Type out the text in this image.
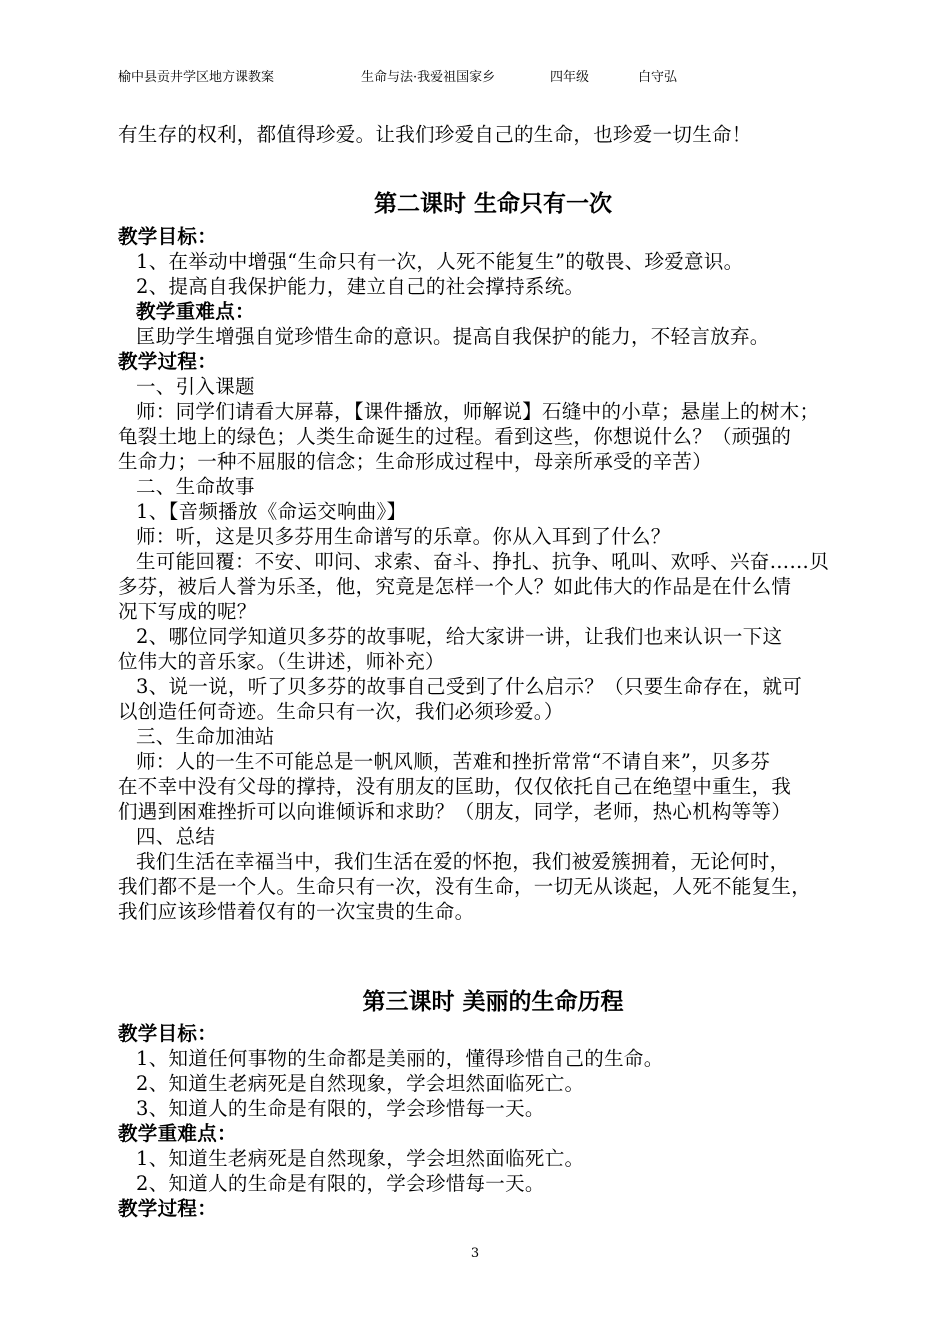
榆中县贡井学区地方课教案

	生命与法·我爱祖国家乡

	四年级

	白守弘

有生存的权利，都值得珍爱。让我们珍爱自己的生命，也珍爱一切生命！
第二课时 生命只有一次
教学目标：
1、在举动中增强“生命只有一次，人死不能复生”的敬畏、珍爱意识。
2、提高自我保护能力，建立自己的社会撑持系统。
教学重难点：
匡助学生增强自觉珍惜生命的意识。提高自我保护的能力，不轻言放弃。
教学过程：
一、引入课题
师：同学们请看大屏幕，【课件播放，师解说】石缝中的小草；悬崖上的树木；
龟裂土地上的绿色；人类生命诞生的过程。看到这些，你想说什么？（顽强的
生命力；一种不屈服的信念；生命形成过程中，母亲所承受的辛苦）
二、生命故事
1、【音频播放《命运交响曲》】
师：听，这是贝多芬用生命谱写的乐章。你从入耳到了什么？
生可能回覆：不安、叩问、求索、奋斗、挣扎、抗争、吼叫、欢呼、兴奋……贝
多芬，被后人誉为乐圣，他，究竟是怎样一个人？如此伟大的作品是在什么情
况下写成的呢？
2、哪位同学知道贝多芬的故事呢，给大家讲一讲，让我们也来认识一下这
位伟大的音乐家。（生讲述，师补充）
3、说一说，听了贝多芬的故事自己受到了什么启示？（只要生命存在，就可
以创造任何奇迹。生命只有一次，我们必须珍爱。）
三、生命加油站
师：人的一生不可能总是一帆风顺，苦难和挫折常常“不请自来”，贝多芬
在不幸中没有父母的撑持，没有朋友的匡助，仅仅依托自己在绝望中重生，我
们遇到困难挫折可以向谁倾诉和求助？（朋友，同学，老师，热心机构等等）
四、总结
我们生活在幸福当中，我们生活在爱的怀抱，我们被爱簇拥着，无论何时，
我们都不是一个人。生命只有一次，没有生命，一切无从谈起，人死不能复生，
我们应该珍惜着仅有的一次宝贵的生命。
第三课时 美丽的生命历程
教学目标：
1、知道任何事物的生命都是美丽的，懂得珍惜自己的生命。
2、知道生老病死是自然现象，学会坦然面临死亡。
3、知道人的生命是有限的，学会珍惜每一天。
教学重难点：
1、知道生老病死是自然现象，学会坦然面临死亡。
2、知道人的生命是有限的，学会珍惜每一天。
教学过程：
3
